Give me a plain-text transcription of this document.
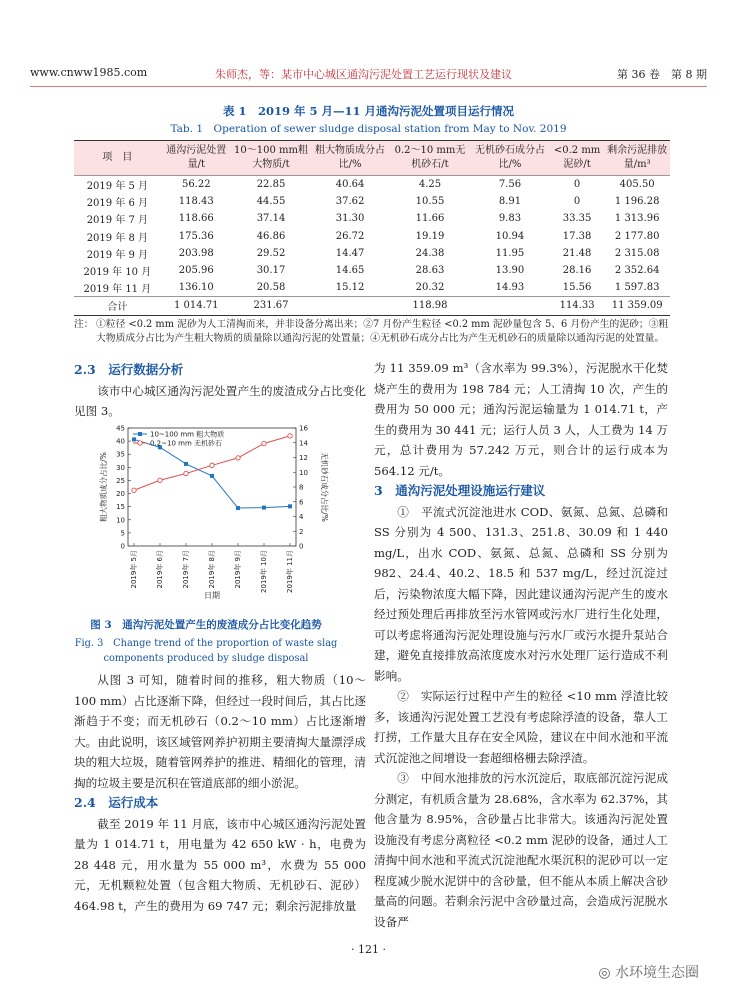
www.cnww1985.com	朱师杰，等：某市中心城区通沟污泥处置工艺运行现状及建议	第 36 卷　第 8 期
表 1　2019 年 5 月—11 月通沟污泥处置项目运行情况
Tab. 1　Operation of sewer sludge disposal station from May to Nov. 2019
项　目	通沟污泥处置量/t	10～100 mm粗大物质/t	粗大物质成分占比/%	0.2～10 mm无机砂石/t	无机砂石成分占比/%	<0.2 mm泥砂/t	剩余污泥排放量/m³
2019 年 5 月	56.22	22.85	40.64	4.25	7.56	0	405.50
2019 年 6 月	118.43	44.55	37.62	10.55	8.91	0	1 196.28
2019 年 7 月	118.66	37.14	31.30	11.66	9.83	33.35	1 313.96
2019 年 8 月	175.36	46.86	26.72	19.19	10.94	17.38	2 177.80
2019 年 9 月	203.98	29.52	14.47	24.38	11.95	21.48	2 315.08
2019 年 10 月	205.96	30.17	14.65	28.63	13.90	28.16	2 352.64
2019 年 11 月	136.10	20.58	15.12	20.32	14.93	15.56	1 597.83
合计	1 014.71	231.67		118.98		114.33	11 359.09
注： ①粒径 <0.2 mm 泥砂为人工清掏而来，并非设备分离出来；②7 月份产生粒径 <0.2 mm 泥砂量包含 5、6 月份产生的泥砂；③粗大物质成分占比为产生粗大物质的质量除以通沟污泥的处置量；④无机砂石成分占比为产生无机砂石的质量除以通沟污泥的处置量。
2.3　运行数据分析

该市中心城区通沟污泥处置产生的废渣成分占比变化见图 3。

0
5
10
15
20
25
30
35
40
45
0
2
4
6
8
10
12
14
16
2019年 5月	2019年 6月	2019年 7月	2019年 8月	2019年 9月	2019年 10月	2019年 11月
日期
粗大物质成分占比/%	无机砂石成分占比/%
10~100 mm 粗大物质
0.2~10 mm 无机砂石
图 3　通沟污泥处置产生的废渣成分占比变化趋势
Fig. 3　Change trend of the proportion of waste slag
components produced by sludge disposal

从图 3 可知，随着时间的推移，粗大物质（10～100 mm）占比逐渐下降，但经过一段时间后，其占比逐渐趋于不变；而无机砂石（0.2～10 mm）占比逐渐增大。由此说明，该区域管网养护初期主要清掏大量漂浮成块的粗大垃圾，随着管网养护的推进、精细化的管理，清掏的垃圾主要是沉积在管道底部的细小淤泥。

2.4　运行成本

截至 2019 年 11 月底，该市中心城区通沟污泥处置量为 1 014.71 t，用电量为 42 650 kW · h，电费为 28 448 元，用水量为 55 000 m³，水费为 55 000 元，无机颗粒处置（包含粗大物质、无机砂石、泥砂）464.98 t，产生的费用为 69 747 元；剩余污泥排放量

为 11 359.09 m³（含水率为 99.3%），污泥脱水干化焚烧产生的费用为 198 784 元；人工清掏 10 次，产生的费用为 50 000 元；通沟污泥运输量为 1 014.71 t，产生的费用为 30 441 元；运行人员 3 人，人工费为 14 万元，总计费用为 57.242 万元，则合计的运行成本为 564.12 元/t。

3　通沟污泥处理设施运行建议

①　平流式沉淀池进水 COD、氨氮、总氮、总磷和 SS 分别为 4 500、131.3、251.8、30.09 和 1 440 mg/L，出水 COD、氨氮、总氮、总磷和 SS 分别为 982、24.4、40.2、18.5 和 537 mg/L，经过沉淀过后，污染物浓度大幅下降，因此建议通沟污泥产生的废水经过预处理后再排放至污水管网或污水厂进行生化处理，可以考虑将通沟污泥处理设施与污水厂或污水提升泵站合建，避免直接排放高浓度废水对污水处理厂运行造成不利影响。

②　实际运行过程中产生的粒径 <10 mm 浮渣比较多，该通沟污泥处置工艺没有考虑除浮渣的设备，靠人工打捞，工作量大且存在安全风险，建议在中间水池和平流式沉淀池之间增设一套超细格栅去除浮渣。

③　中间水池排放的污水沉淀后，取底部沉淀污泥成分测定，有机质含量为 28.68%，含水率为 62.37%，其他含量为 8.95%，含砂量占比非常大。该通沟污泥处置设施没有考虑分离粒径 <0.2 mm 泥砂的设备，通过人工清掏中间水池和平流式沉淀池配水渠沉积的泥砂可以一定程度减少脱水泥饼中的含砂量，但不能从本质上解决含砂量高的问题。若剩余污泥中含砂量过高，会造成污泥脱水设备严

· 121 ·
◎ 水环境生态圈
